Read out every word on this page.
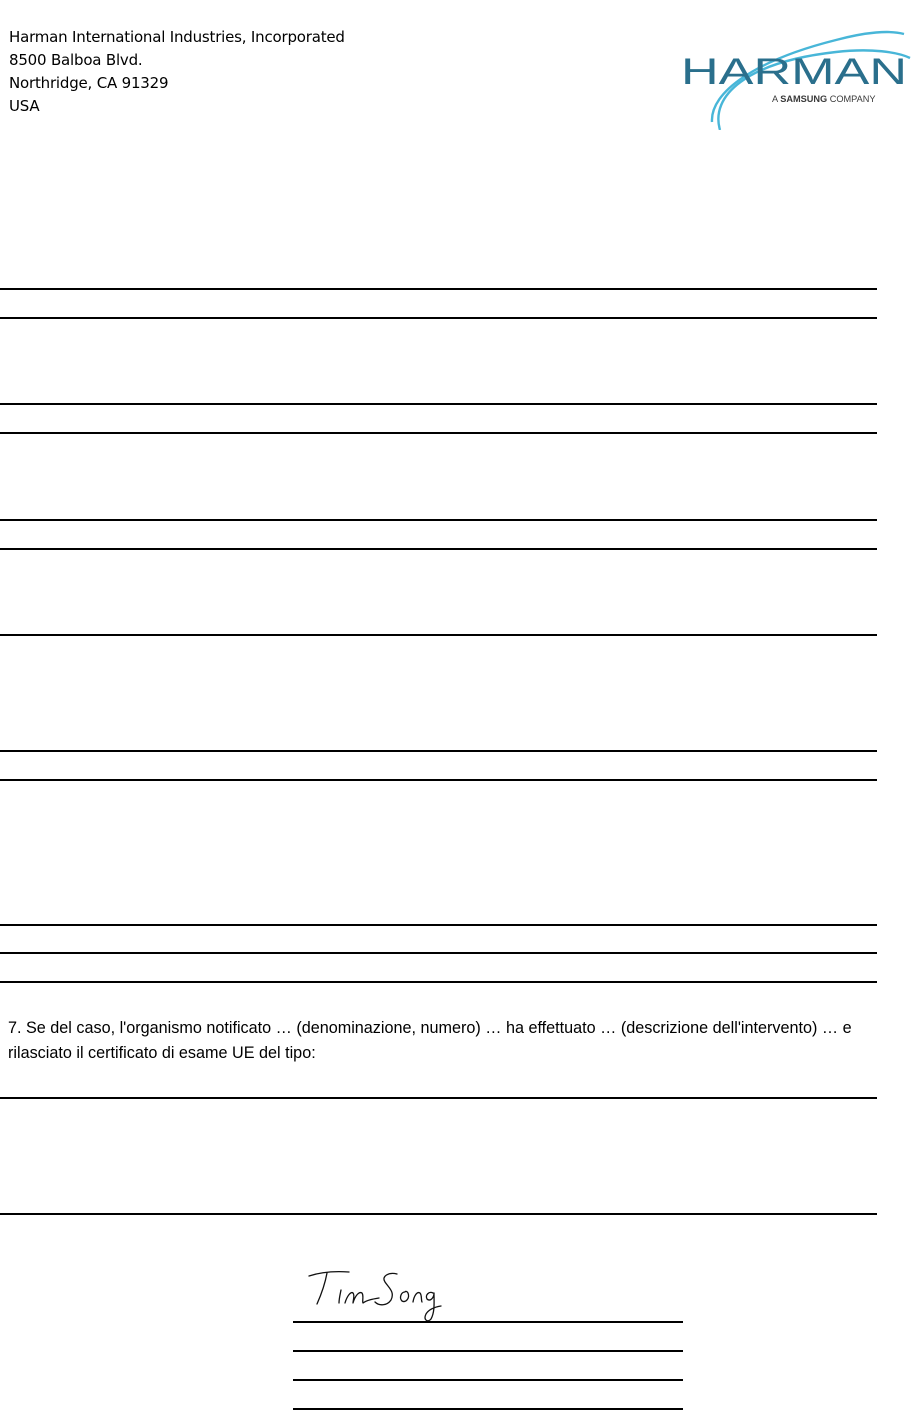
Harman International Industries, Incorporated
8500 Balboa Blvd.
Northridge, CA 91329
USA
HARMAN
A SAMSUNG COMPANY
7. Se del caso, l'organismo notificato … (denominazione, numero) … ha effettuato … (descrizione dell'intervento) … e rilasciato il certificato di esame UE del tipo:
